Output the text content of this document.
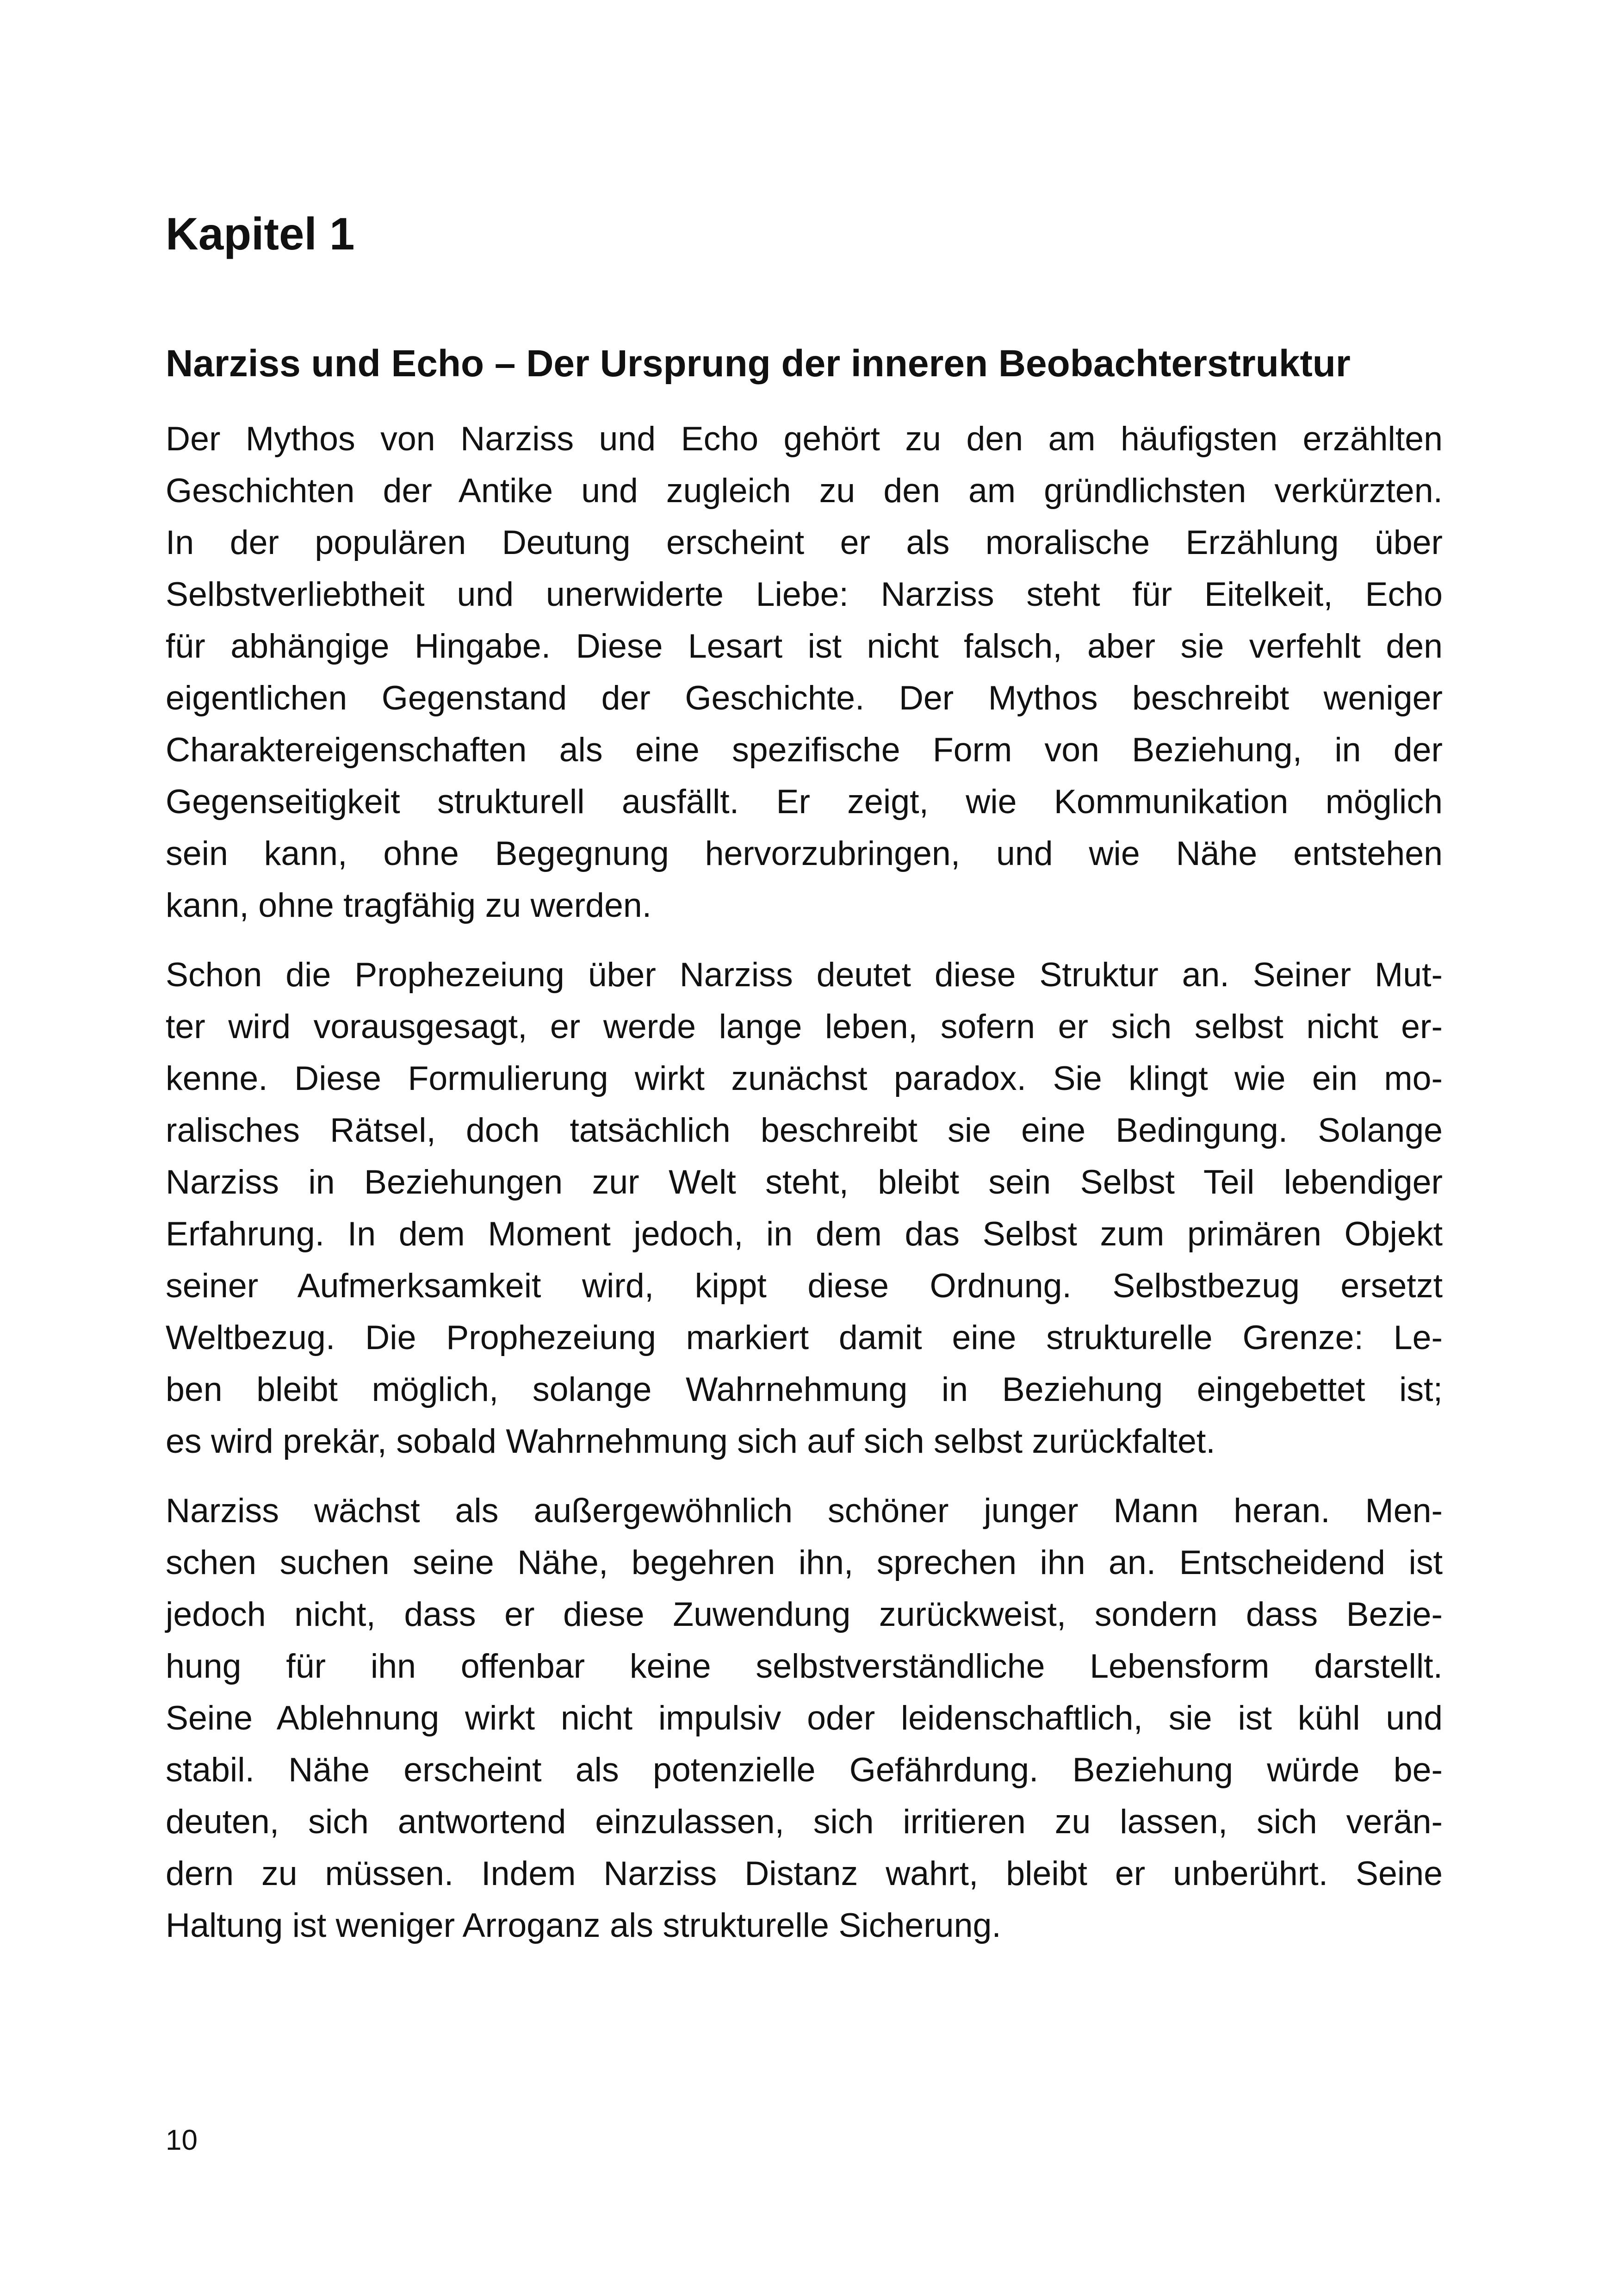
Kapitel 1
Narziss und Echo – Der Ursprung der inneren Beobachterstruktur
Der Mythos von Narziss und Echo gehört zu den am häufigsten erzählten
Geschichten der Antike und zugleich zu den am gründlichsten verkürzten.
In der populären Deutung erscheint er als moralische Erzählung über
Selbstverliebtheit und unerwiderte Liebe: Narziss steht für Eitelkeit, Echo
für abhängige Hingabe. Diese Lesart ist nicht falsch, aber sie verfehlt den
eigentlichen Gegenstand der Geschichte. Der Mythos beschreibt weniger
Charaktereigenschaften als eine spezifische Form von Beziehung, in der
Gegenseitigkeit strukturell ausfällt. Er zeigt, wie Kommunikation möglich
sein kann, ohne Begegnung hervorzubringen, und wie Nähe entstehen
kann, ohne tragfähig zu werden.
Schon die Prophezeiung über Narziss deutet diese Struktur an. Seiner Mut-
ter wird vorausgesagt, er werde lange leben, sofern er sich selbst nicht er-
kenne. Diese Formulierung wirkt zunächst paradox. Sie klingt wie ein mo-
ralisches Rätsel, doch tatsächlich beschreibt sie eine Bedingung. Solange
Narziss in Beziehungen zur Welt steht, bleibt sein Selbst Teil lebendiger
Erfahrung. In dem Moment jedoch, in dem das Selbst zum primären Objekt
seiner Aufmerksamkeit wird, kippt diese Ordnung. Selbstbezug ersetzt
Weltbezug. Die Prophezeiung markiert damit eine strukturelle Grenze: Le-
ben bleibt möglich, solange Wahrnehmung in Beziehung eingebettet ist;
es wird prekär, sobald Wahrnehmung sich auf sich selbst zurückfaltet.
Narziss wächst als außergewöhnlich schöner junger Mann heran. Men-
schen suchen seine Nähe, begehren ihn, sprechen ihn an. Entscheidend ist
jedoch nicht, dass er diese Zuwendung zurückweist, sondern dass Bezie-
hung für ihn offenbar keine selbstverständliche Lebensform darstellt.
Seine Ablehnung wirkt nicht impulsiv oder leidenschaftlich, sie ist kühl und
stabil. Nähe erscheint als potenzielle Gefährdung. Beziehung würde be-
deuten, sich antwortend einzulassen, sich irritieren zu lassen, sich verän-
dern zu müssen. Indem Narziss Distanz wahrt, bleibt er unberührt. Seine
Haltung ist weniger Arroganz als strukturelle Sicherung.
10
